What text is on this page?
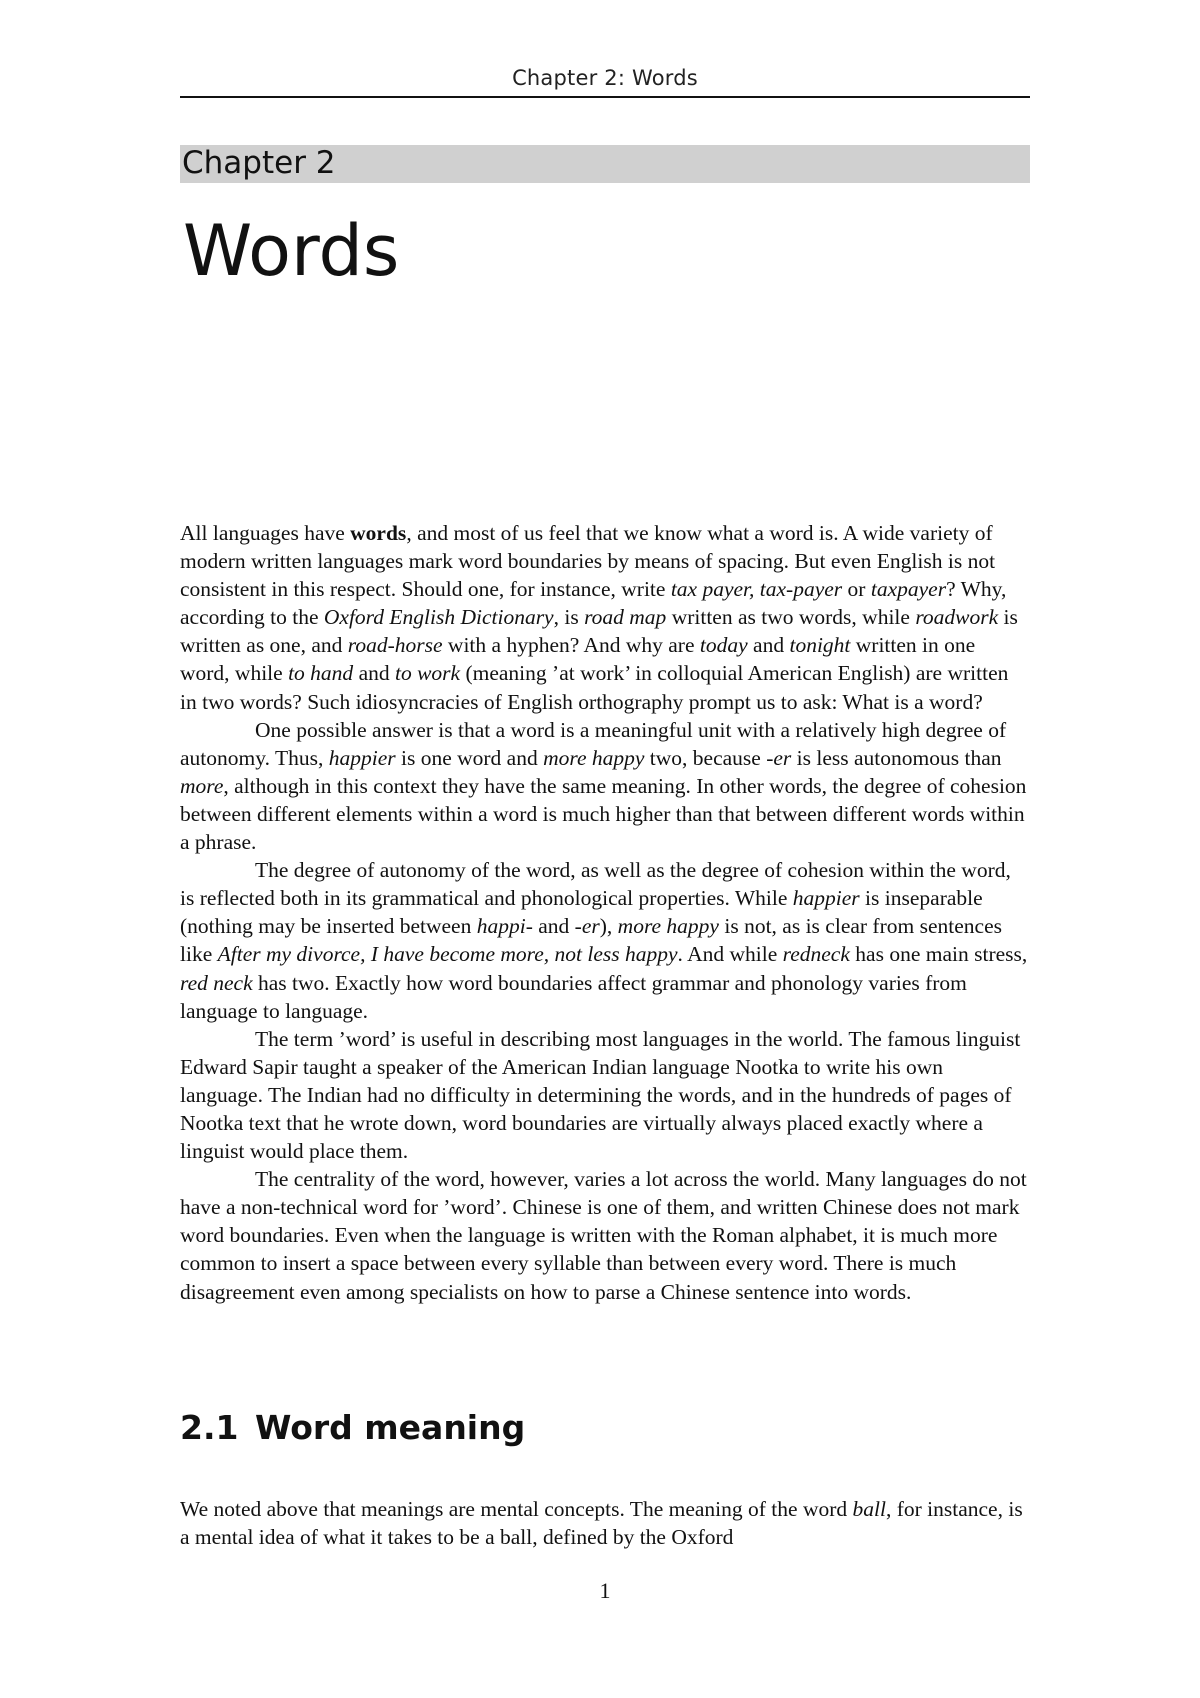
Chapter 2: Words
Chapter 2
Words

All languages have words, and most of us feel that we know what a word is. A wide variety of modern written languages mark word boundaries by means of spacing. But even English is not consistent in this respect. Should one, for instance, write tax payer, tax-payer or taxpayer? Why, according to the Oxford English Dictionary, is road map written as two words, while roadwork is written as one, and road-horse with a hyphen? And why are today and tonight written in one word, while to hand and to work (meaning ’at work’ in colloquial American English) are written in two words? Such idiosyncracies of English orthography prompt us to ask: What is a word?

One possible answer is that a word is a meaningful unit with a relatively high degree of autonomy. Thus, happier is one word and more happy two, because -er is less autonomous than more, although in this context they have the same meaning. In other words, the degree of cohesion between different elements within a word is much higher than that between different words within a phrase.

The degree of autonomy of the word, as well as the degree of cohesion within the word, is reflected both in its grammatical and phonological properties. While happier is inseparable (nothing may be inserted between happi- and -er), more happy is not, as is clear from sentences like After my divorce, I have become more, not less happy. And while redneck has one main stress, red neck has two. Exactly how word boundaries affect grammar and phonology varies from language to language.

The term ’word’ is useful in describing most languages in the world. The famous linguist Edward Sapir taught a speaker of the American Indian language Nootka to write his own language. The Indian had no difficulty in determining the words, and in the hundreds of pages of Nootka text that he wrote down, word boundaries are virtually always placed exactly where a linguist would place them.

The centrality of the word, however, varies a lot across the world. Many languages do not have a non-technical word for ’word’. Chinese is one of them, and written Chinese does not mark word boundaries. Even when the language is written with the Roman alphabet, it is much more common to insert a space between every syllable than between every word. There is much disagreement even among specialists on how to parse a Chinese sentence into words.

2.1 Word meaning

We noted above that meanings are mental concepts. The meaning of the word ball, for instance, is a mental idea of what it takes to be a ball, defined by the Oxford

1
